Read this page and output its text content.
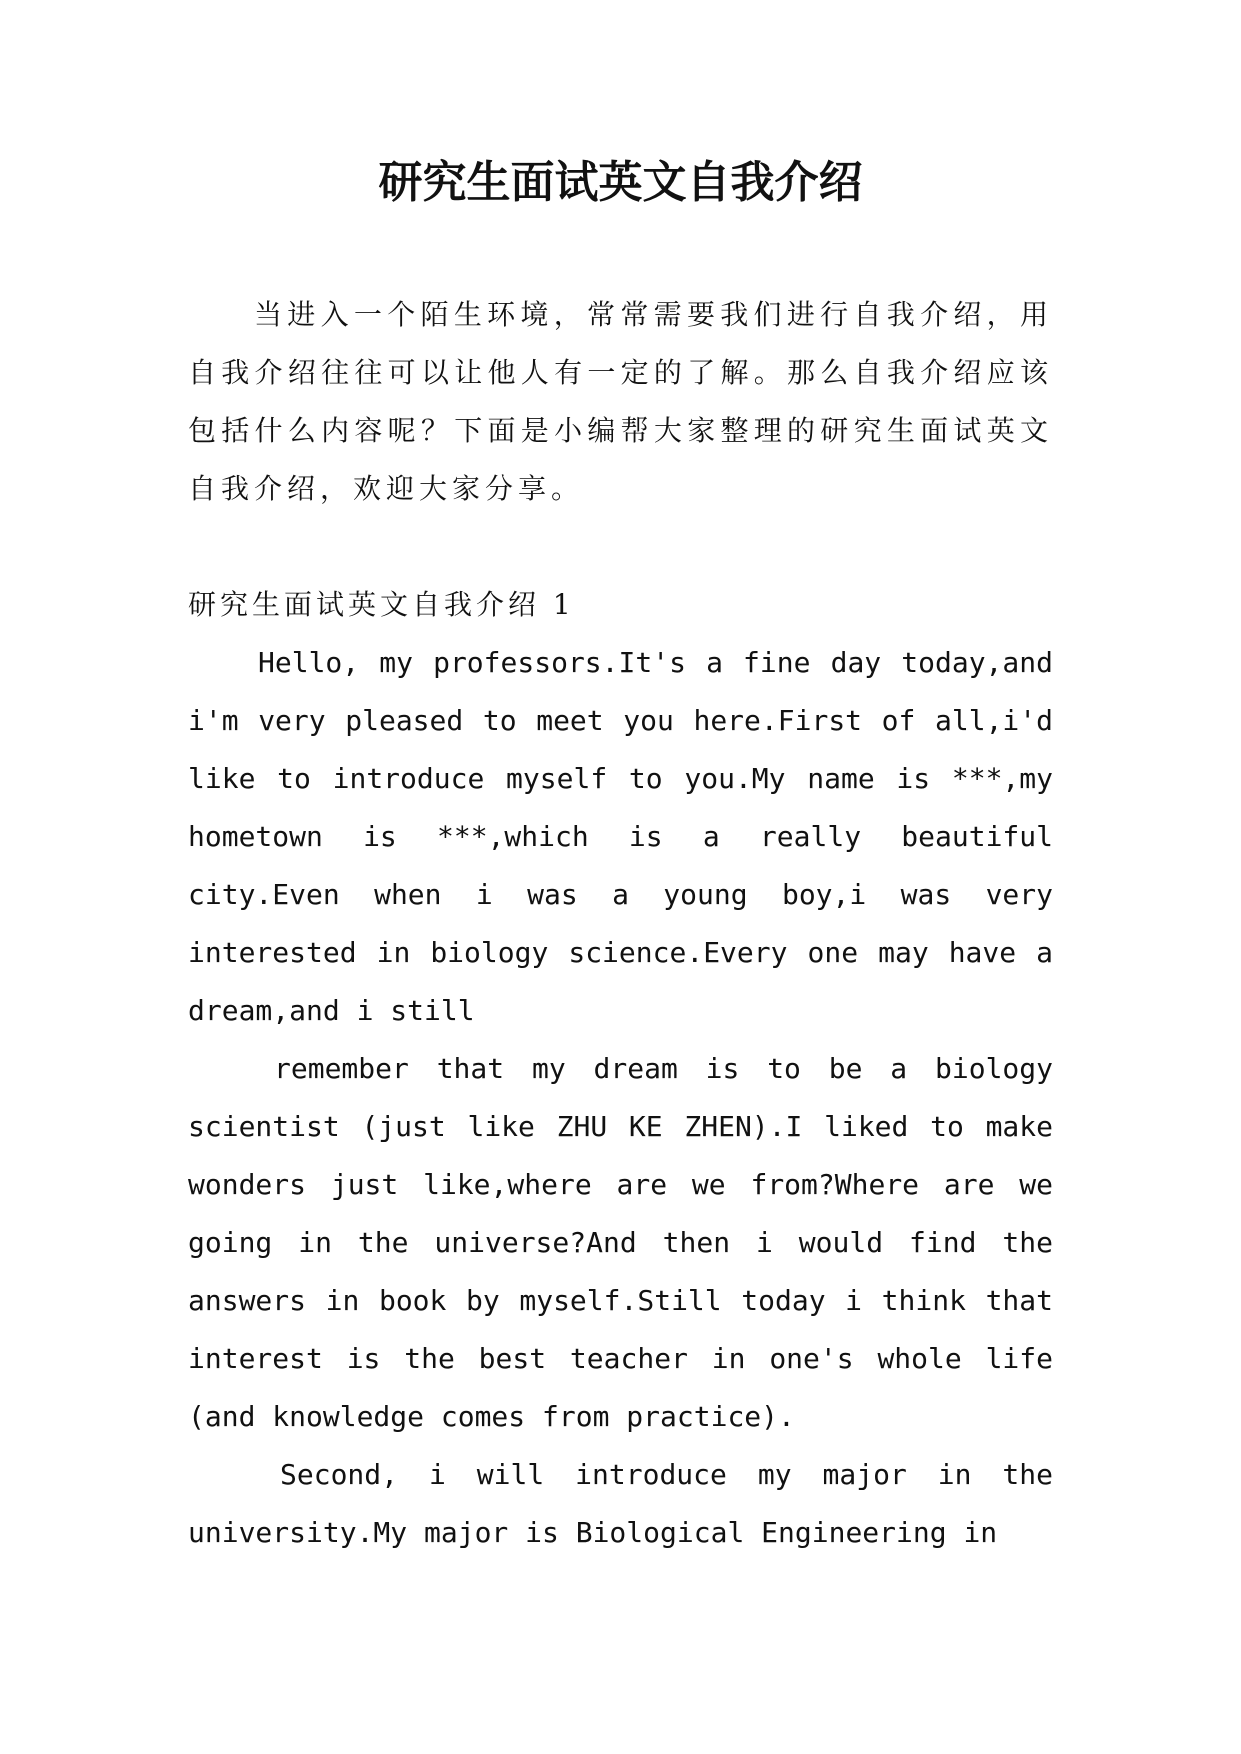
研究生面试英文自我介绍

当进入一个陌生环境，常常需要我们进行自我介绍，用自我介绍往往可以让他人有一定的了解。那么自我介绍应该包括什么内容呢？下面是小编帮大家整理的研究生面试英文自我介绍，欢迎大家分享。

研究生面试英文自我介绍 1

Hello, my professors.It's a fine day today,and i'm very pleased to meet you here.First of all,i'd like to introduce myself to you.My name is ***,my hometown is ***,which is a really beautiful city.Even when i was a young boy,i was very interested in biology science.Every one may have a dream,and i still

remember that my dream is to be a biology scientist (just like ZHU KE ZHEN).I liked to make wonders just like,where are we from?Where are we going in the universe?And then i would find the answers in book by myself.Still today i think that interest is the best teacher in one's whole life (and knowledge comes from practice).

Second, i will introduce my major in the university.My major is Biological Engineering in
